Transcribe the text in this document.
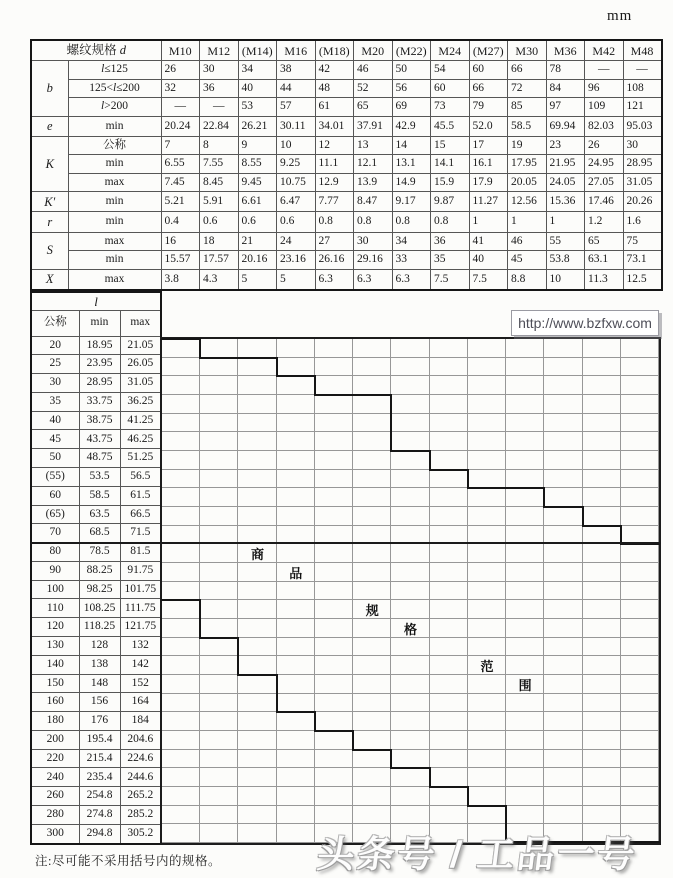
mm
螺纹规格 d		M10	M12	(M14)	M16	(M18)	M20	(M22)	M24	(M27)	M30	M36	M42	M48
b	l≤125	26	30	34	38	42	46	50	54	60	66	78	—	—
	125<l≤200	32	36	40	44	48	52	56	60	66	72	84	96	108
	l>200	—	—	53	57	61	65	69	73	79	85	97	109	121
e	min	20.24	22.84	26.21	30.11	34.01	37.91	42.9	45.5	52.0	58.5	69.94	82.03	95.03
K	公称	7	8	9	10	12	13	14	15	17	19	23	26	30
	min	6.55	7.55	8.55	9.25	11.1	12.1	13.1	14.1	16.1	17.95	21.95	24.95	28.95
	max	7.45	8.45	9.45	10.75	12.9	13.9	14.9	15.9	17.9	20.05	24.05	27.05	31.05
K′	min	5.21	5.91	6.61	6.47	7.77	8.47	9.17	9.87	11.27	12.56	15.36	17.46	20.26
r	min	0.4	0.6	0.6	0.6	0.8	0.8	0.8	0.8	1	1	1	1.2	1.6
S	max	16	18	21	24	27	30	34	36	41	46	55	65	75
	min	15.57	17.57	20.16	23.16	26.16	29.16	33	35	40	45	53.8	63.1	73.1
X	max	3.8	4.3	5	5	6.3	6.3	6.3	7.5	7.5	8.8	10	11.3	12.5
l		
公称	min	max
20	18.95	21.05
25	23.95	26.05
30	28.95	31.05
35	33.75	36.25
40	38.75	41.25
45	43.75	46.25
50	48.75	51.25
(55)	53.5	56.5
60	58.5	61.5
(65)	63.5	66.5
70	68.5	71.5
80	78.5	81.5
90	88.25	91.75
100	98.25	101.75
110	108.25	111.75
120	118.25	121.75
130	128	132
140	138	142
150	148	152
160	156	164
180	176	184
200	195.4	204.6
220	215.4	224.6
240	235.4	244.6
260	254.8	265.2
280	274.8	285.2
300	294.8	305.2
商
品
规
格
范
围
http://www.bzfxw.com
注:尽可能不采用括号内的规格。	头条号 / 工品一号
